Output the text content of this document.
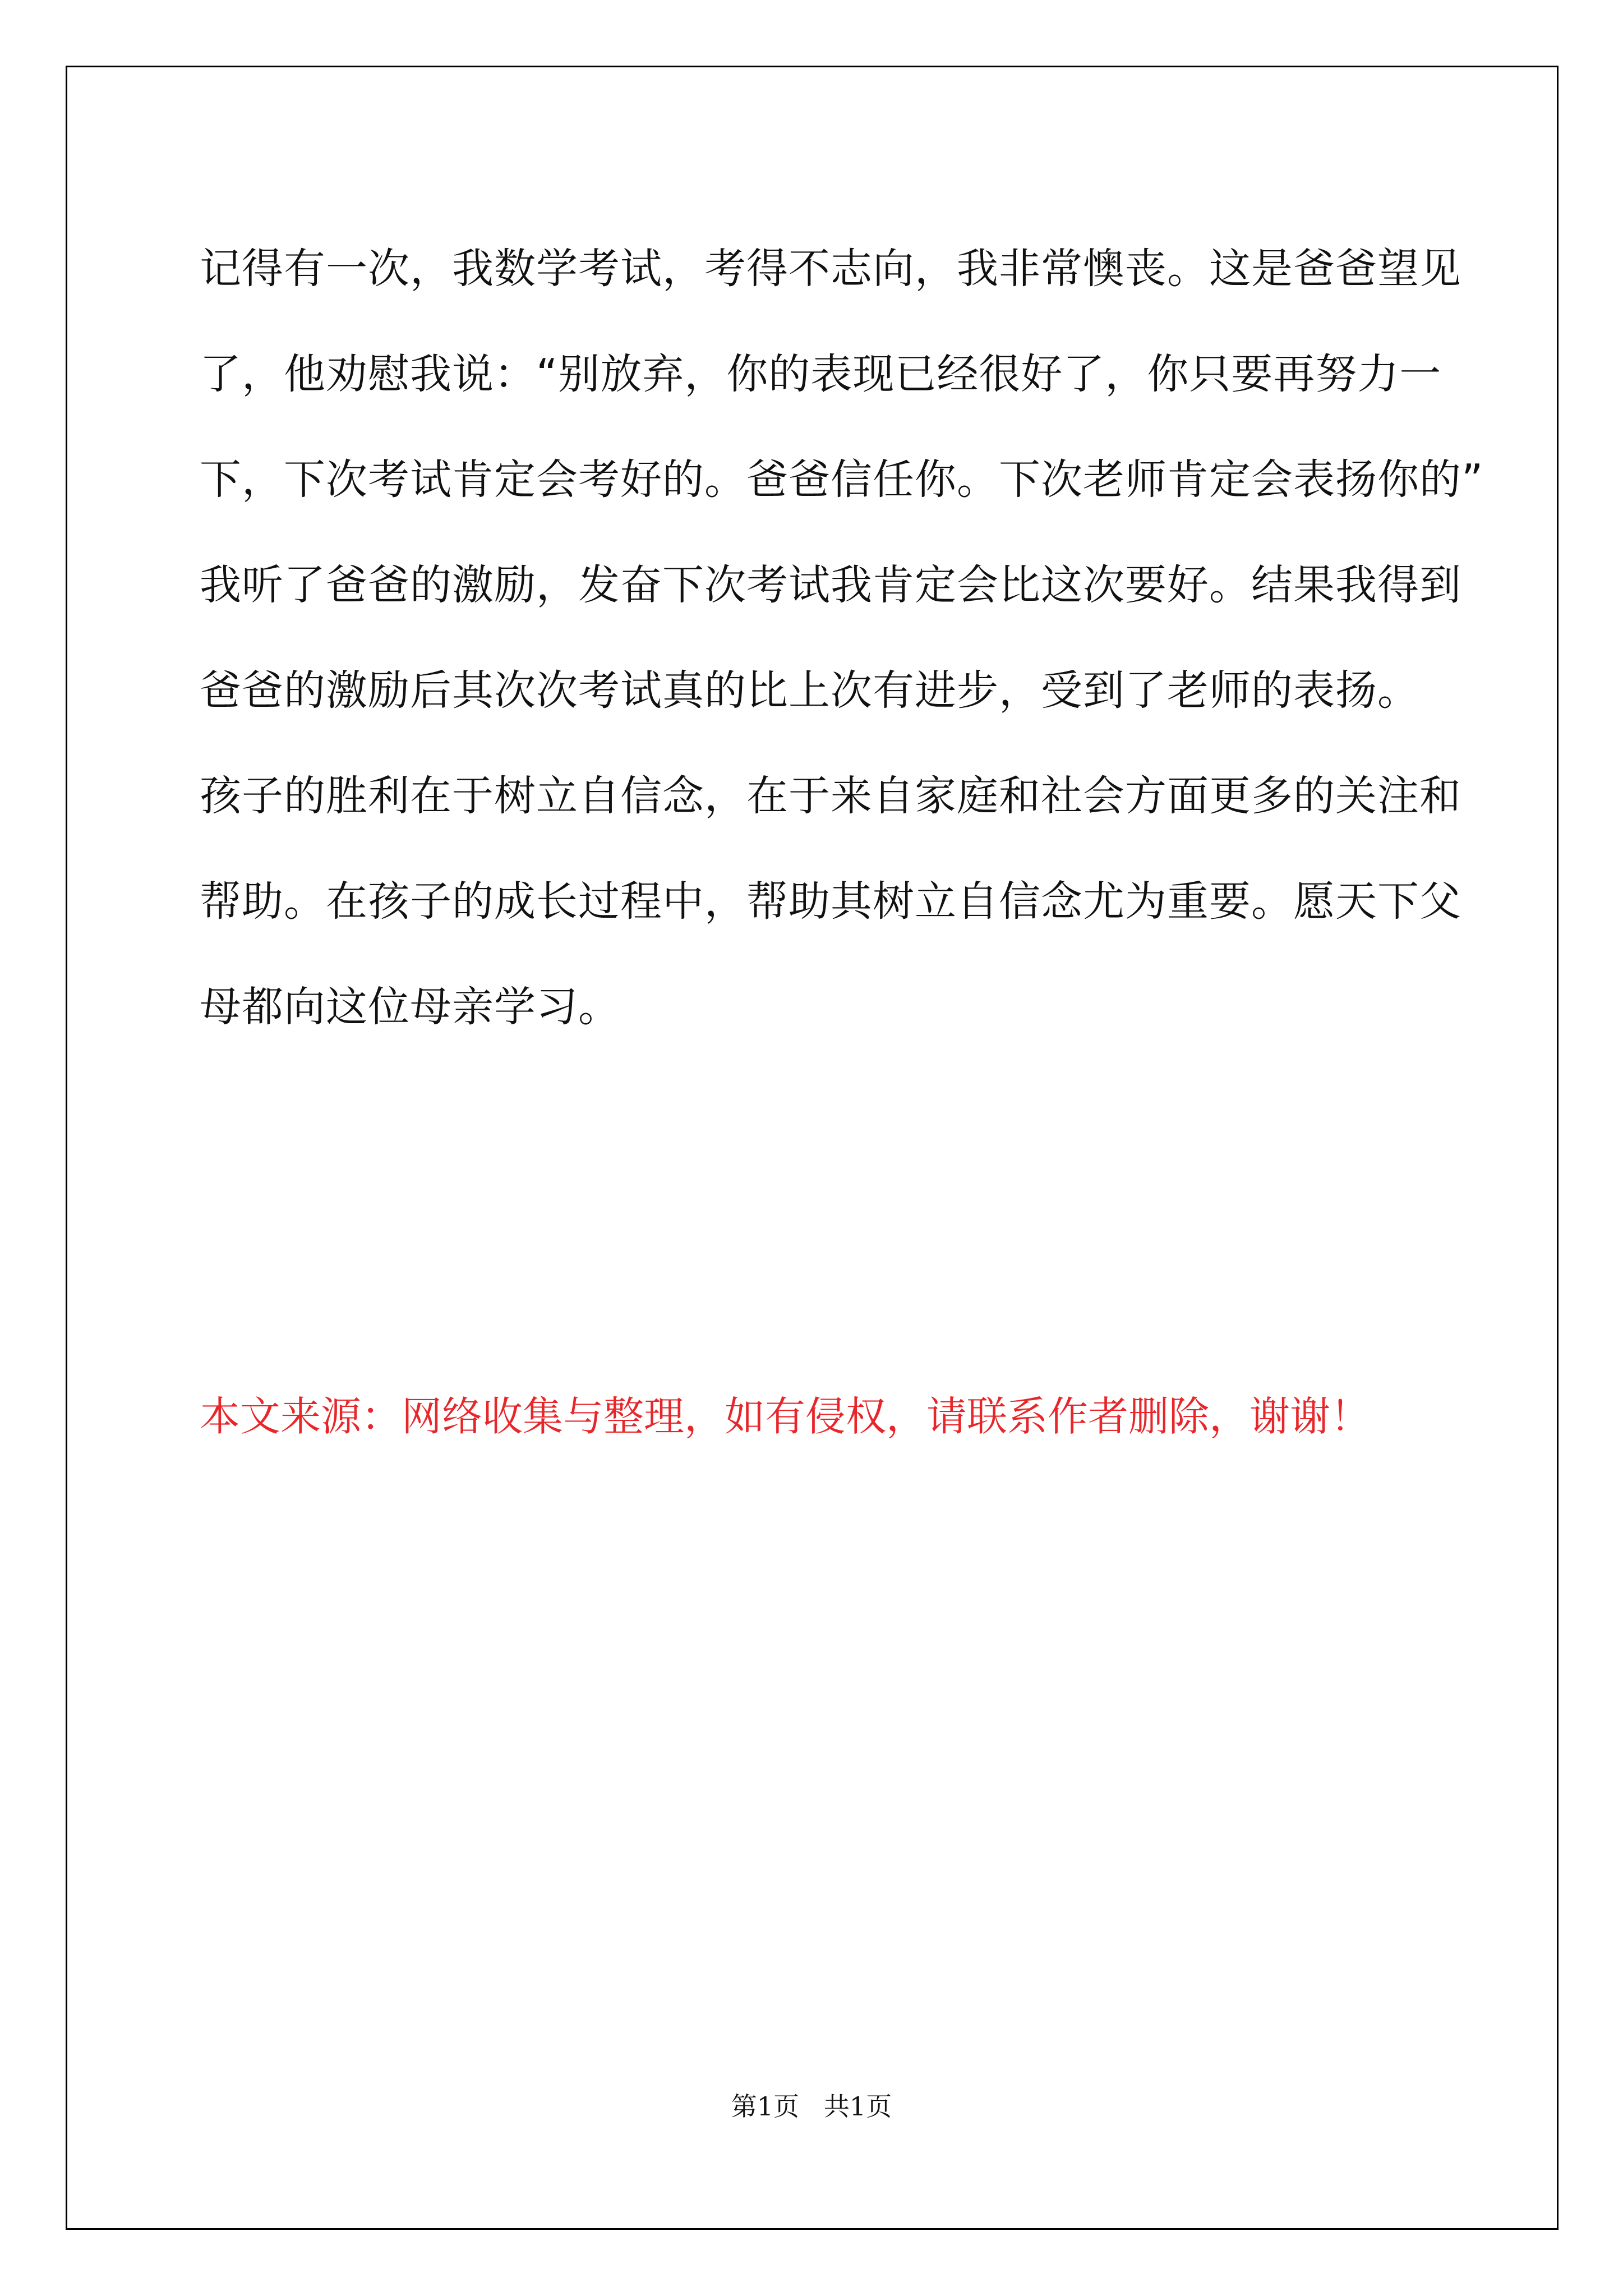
记得有一次，我数学考试，考得不志向，我非常懊丧。这是爸爸望见
了，他劝慰我说：“别放弃，你的表现已经很好了，你只要再努力一
下，下次考试肯定会考好的。爸爸信任你。下次老师肯定会表扬你的”
我听了爸爸的激励，发奋下次考试我肯定会比这次要好。结果我得到
爸爸的激励后其次次考试真的比上次有进步，受到了老师的表扬。
孩子的胜利在于树立自信念，在于来自家庭和社会方面更多的关注和
帮助。在孩子的成长过程中，帮助其树立自信念尤为重要。愿天下父
母都向这位母亲学习。

本文来源：网络收集与整理，如有侵权，请联系作者删除，谢谢！

第1页   共1页
